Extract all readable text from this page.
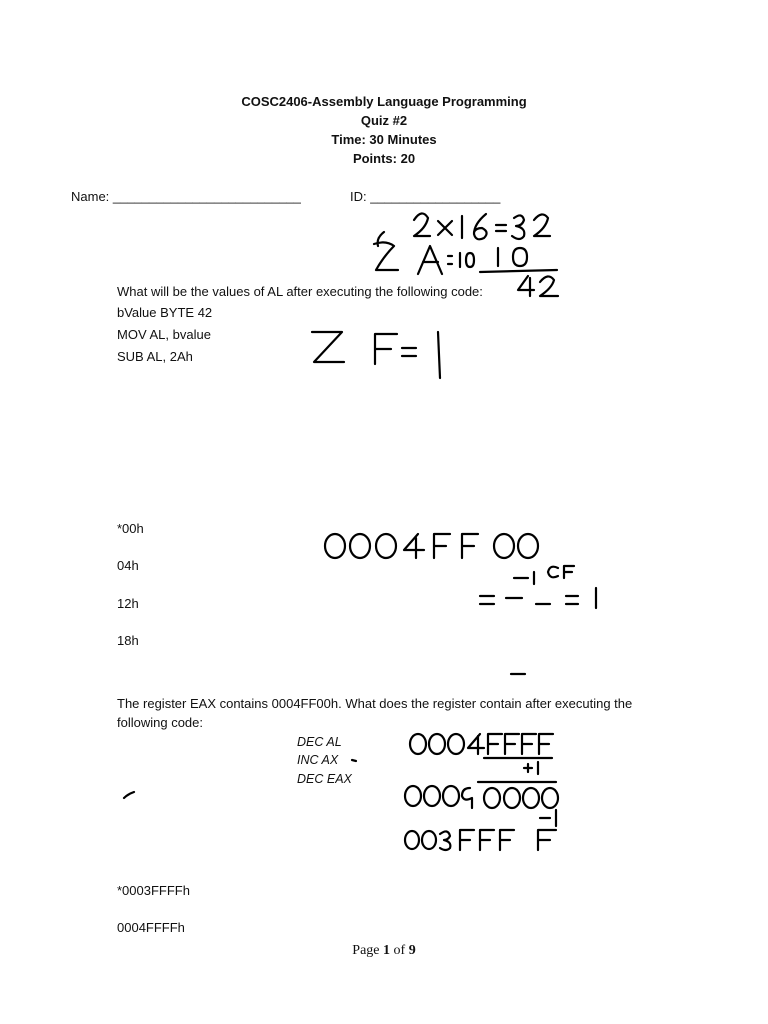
COSC2406-Assembly Language Programming
Quiz #2
Time: 30 Minutes
Points: 20
Name: __________________________	ID: __________________
What will be the values of AL after executing the following code:
bValue BYTE 42
MOV AL, bvalue
SUB AL, 2Ah
*00h
04h
12h
18h
The register EAX contains 0004FF00h. What does the register contain after executing the
following code:
DEC AL
INC AX
DEC EAX
*0003FFFFh
0004FFFFh
Page 1 of 9
